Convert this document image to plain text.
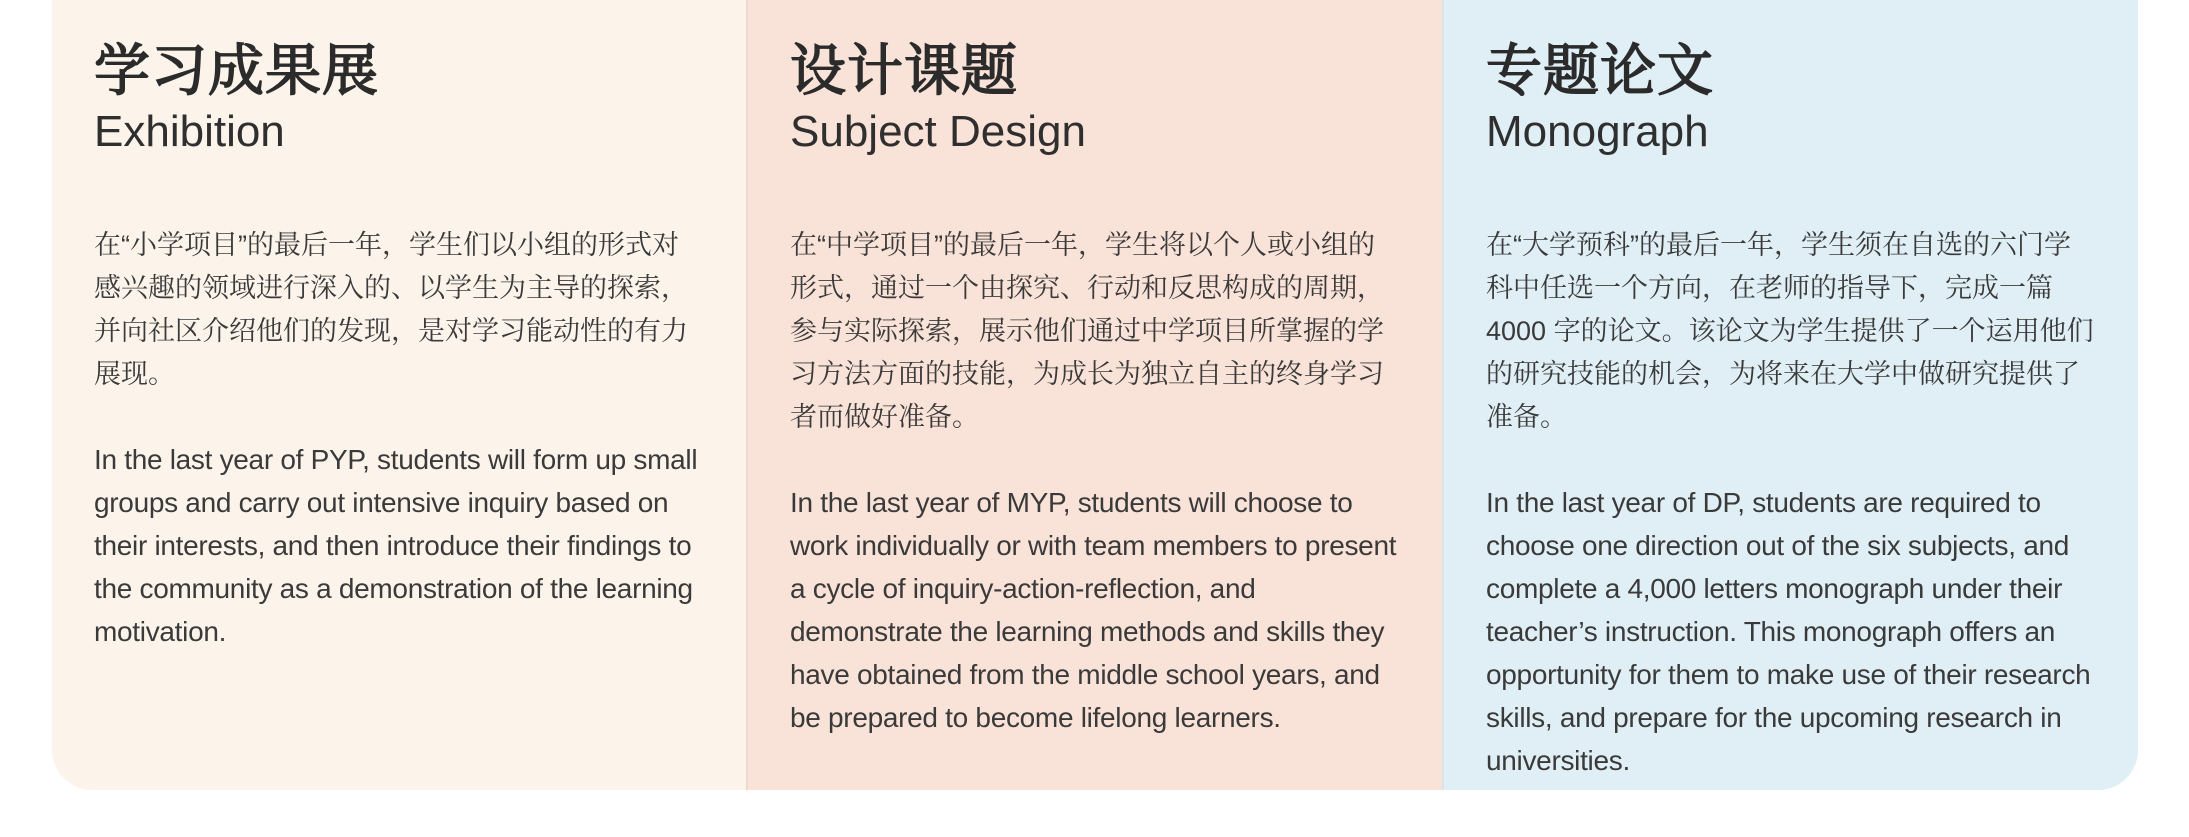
学习成果展
Exhibition

在“小学项目”的最后一年，学生们以小组的形式对感兴趣的领域进行深入的、以学生为主导的探索，并向社区介绍他们的发现，是对学习能动性的有力展现。

In the last year of PYP, students will form up small groups and carry out intensive inquiry based on their interests, and then introduce their findings to the community as a demonstration of the learning motivation.

设计课题
Subject Design

在“中学项目”的最后一年，学生将以个人或小组的形式，通过一个由探究、行动和反思构成的周期，参与实际探索，展示他们通过中学项目所掌握的学习方法方面的技能，为成长为独立自主的终身学习者而做好准备。

In the last year of MYP, students will choose to work individually or with team members to present a cycle of inquiry-action-reflection, and demonstrate the learning methods and skills they have obtained from the middle school years, and be prepared to become lifelong learners.

专题论文
Monograph

在“大学预科”的最后一年，学生须在自选的六门学科中任选一个方向，在老师的指导下，完成一篇4000 字的论文。该论文为学生提供了一个运用他们的研究技能的机会，为将来在大学中做研究提供了准备。

In the last year of DP, students are required to choose one direction out of the six subjects, and complete a 4,000 letters monograph under their teacher’s instruction. This monograph offers an opportunity for them to make use of their research skills, and prepare for the upcoming research in universities.
